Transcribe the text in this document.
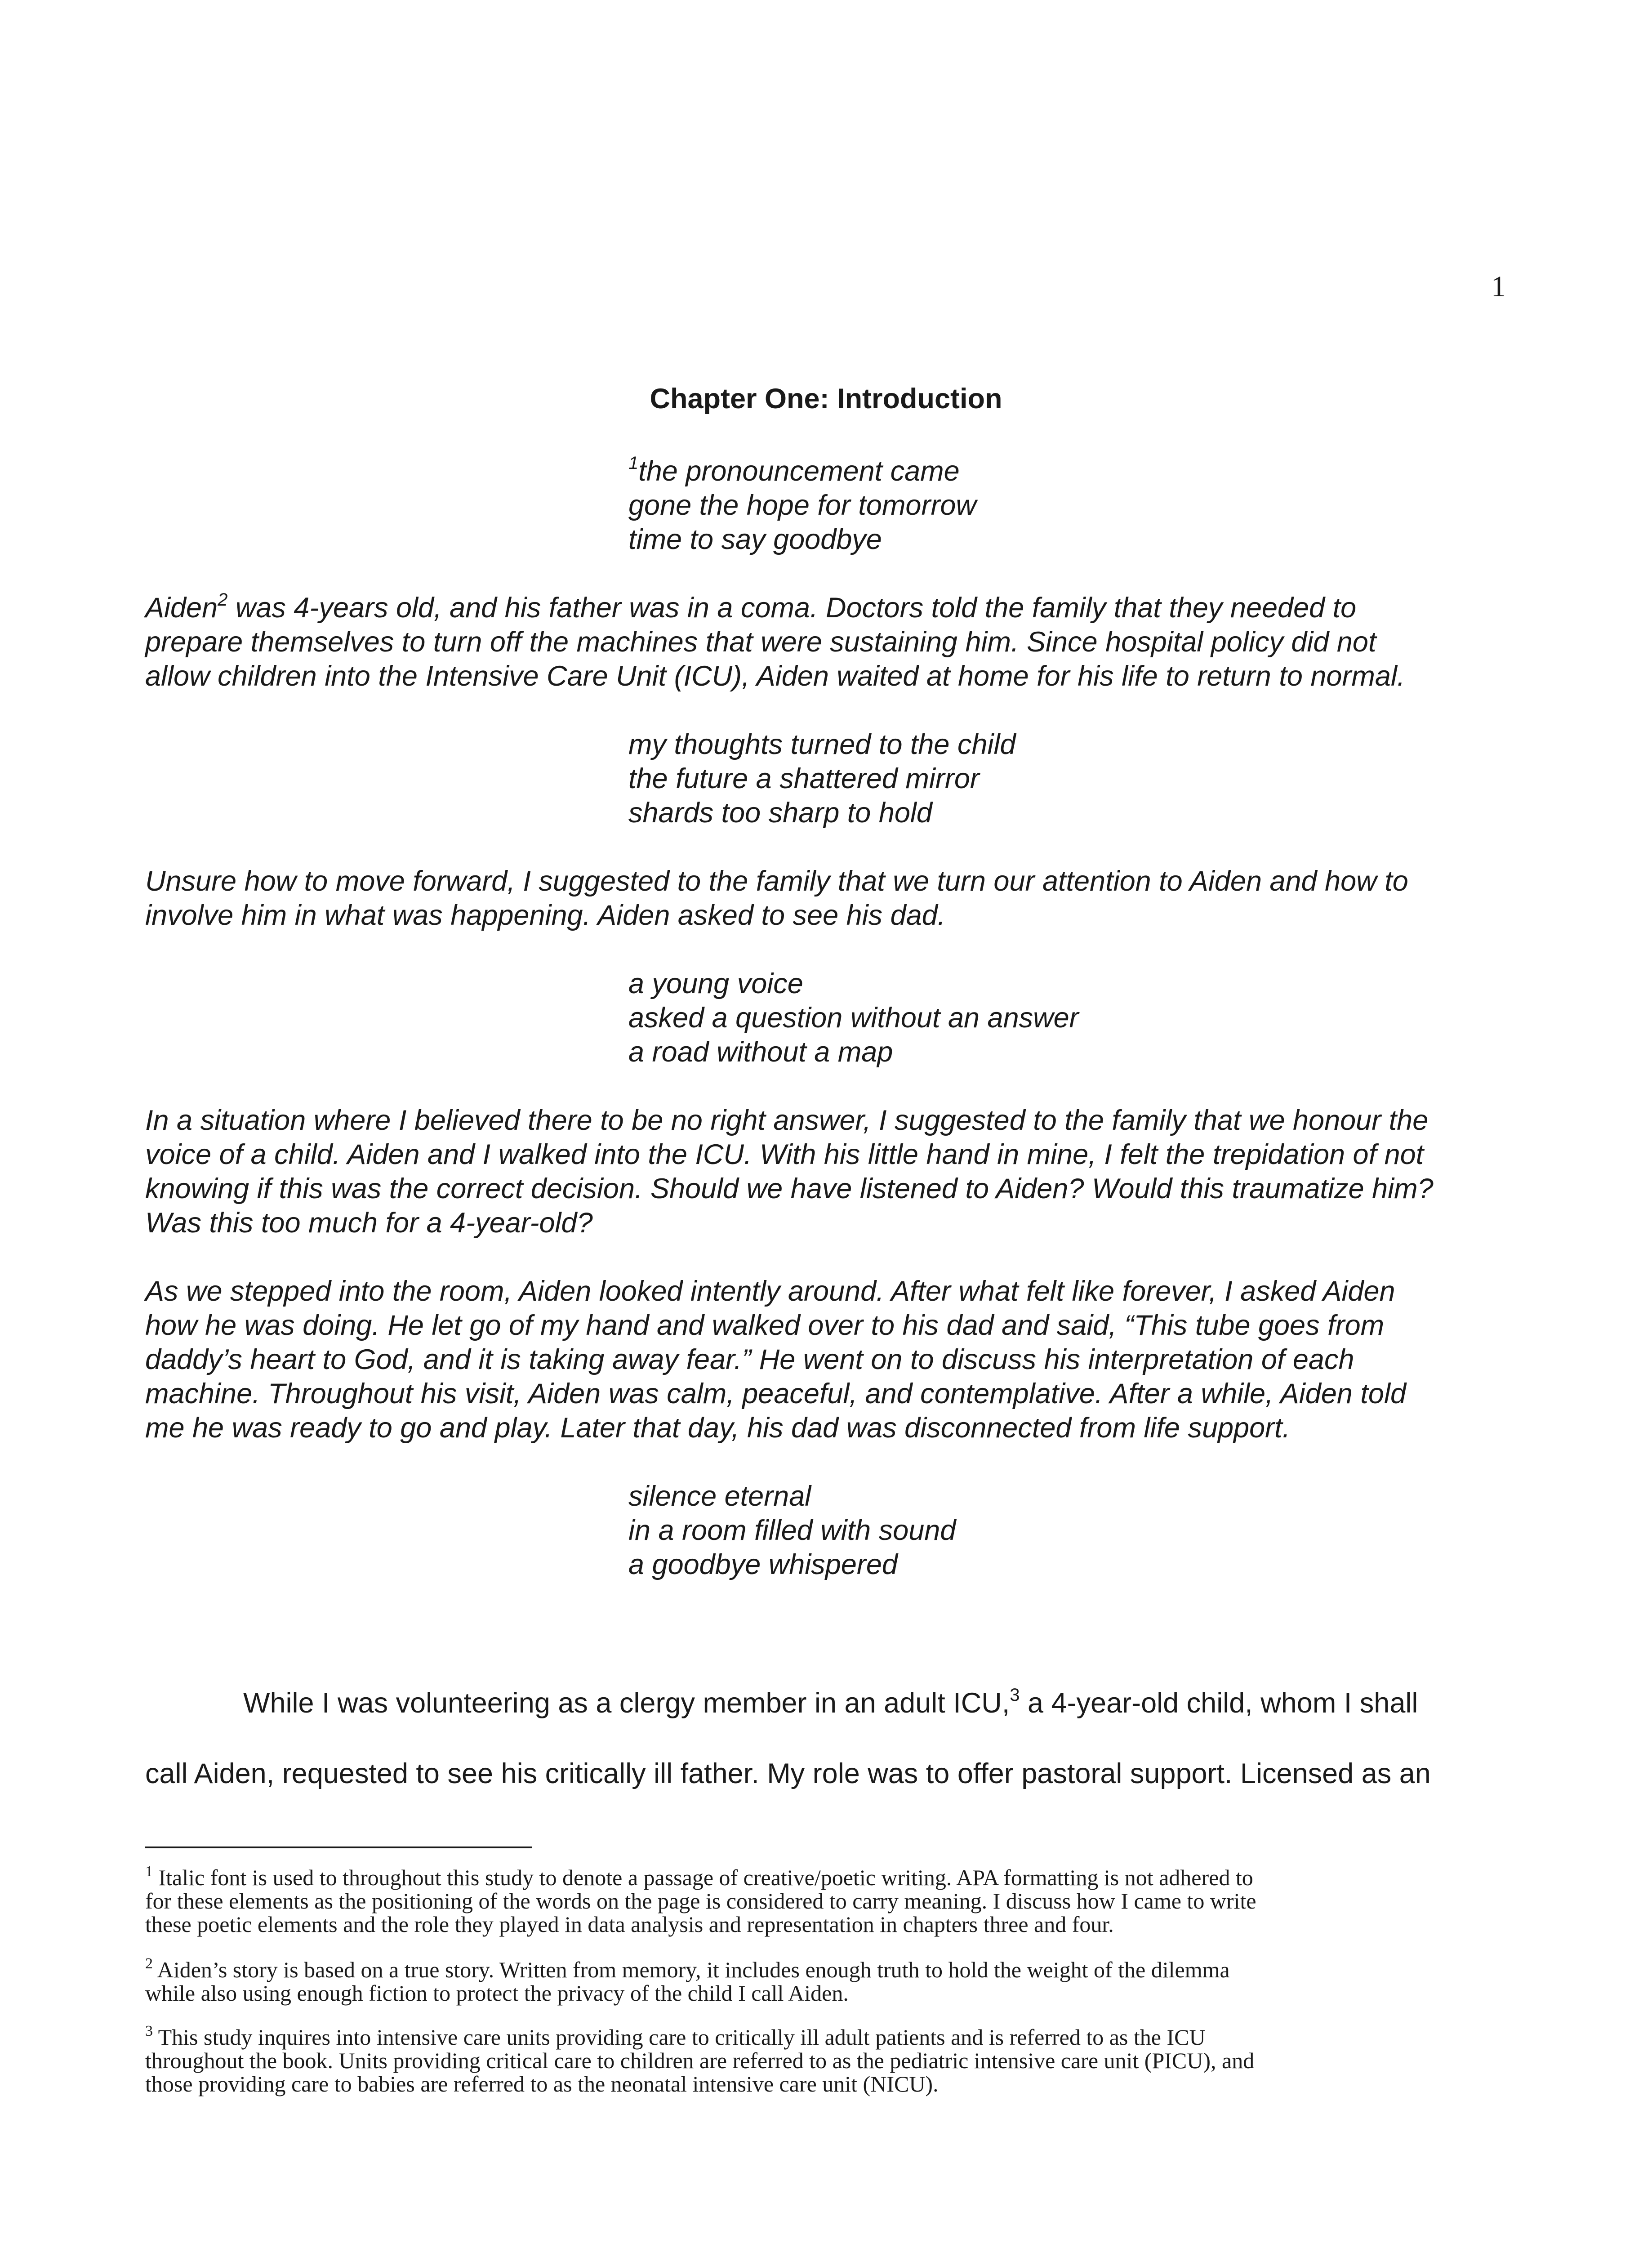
1
Chapter One: Introduction
$^1$the pronouncement came
gone the hope for tomorrow
time to say goodbye
Aiden$^2$ was 4-years old, and his father was in a coma. Doctors told the family that they needed to
prepare themselves to turn off the machines that were sustaining him. Since hospital policy did not
allow children into the Intensive Care Unit (ICU), Aiden waited at home for his life to return to normal.
my thoughts turned to the child
the future a shattered mirror
shards too sharp to hold
Unsure how to move forward, I suggested to the family that we turn our attention to Aiden and how to
involve him in what was happening. Aiden asked to see his dad.
a young voice
asked a question without an answer
a road without a map
In a situation where I believed there to be no right answer, I suggested to the family that we honour the
voice of a child. Aiden and I walked into the ICU. With his little hand in mine, I felt the trepidation of not
knowing if this was the correct decision. Should we have listened to Aiden? Would this traumatize him?
Was this too much for a 4-year-old?
As we stepped into the room, Aiden looked intently around. After what felt like forever, I asked Aiden
how he was doing. He let go of my hand and walked over to his dad and said, “This tube goes from
daddy’s heart to God, and it is taking away fear.” He went on to discuss his interpretation of each
machine. Throughout his visit, Aiden was calm, peaceful, and contemplative. After a while, Aiden told
me he was ready to go and play. Later that day, his dad was disconnected from life support.
silence eternal
in a room filled with sound
a goodbye whispered
While I was volunteering as a clergy member in an adult ICU,$^3$ a 4-year-old child, whom I shall
call Aiden, requested to see his critically ill father. My role was to offer pastoral support. Licensed as an
$^1$ Italic font is used to throughout this study to denote a passage of creative/poetic writing. APA formatting is not adhered to
for these elements as the positioning of the words on the page is considered to carry meaning. I discuss how I came to write
these poetic elements and the role they played in data analysis and representation in chapters three and four.
$^2$ Aiden’s story is based on a true story. Written from memory, it includes enough truth to hold the weight of the dilemma
while also using enough fiction to protect the privacy of the child I call Aiden.
$^3$ This study inquires into intensive care units providing care to critically ill adult patients and is referred to as the ICU
throughout the book. Units providing critical care to children are referred to as the pediatric intensive care unit (PICU), and
those providing care to babies are referred to as the neonatal intensive care unit (NICU).
